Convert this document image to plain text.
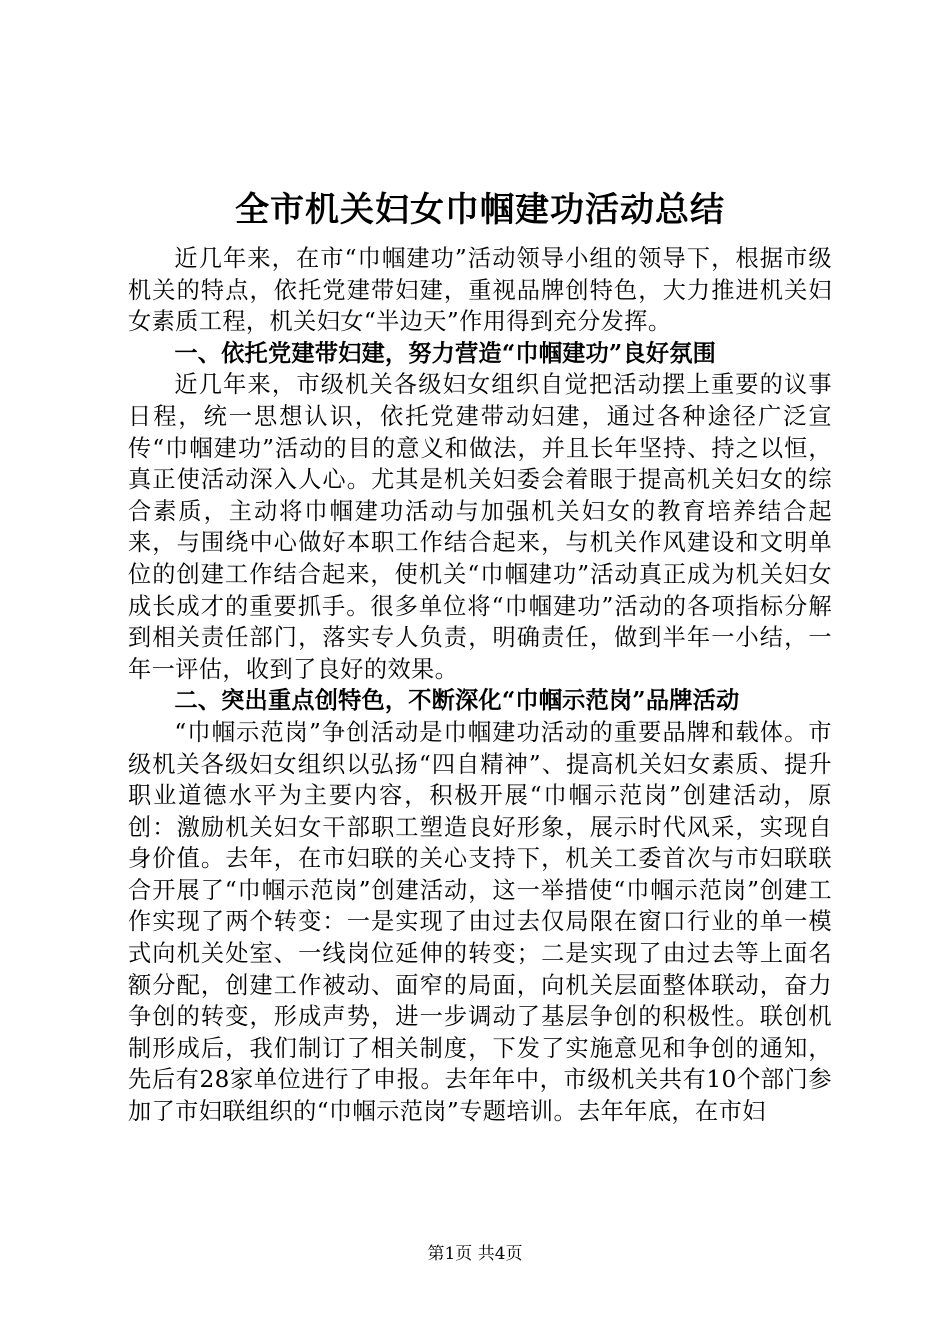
全市机关妇女巾帼建功活动总结

近几年来，在市“巾帼建功”活动领导小组的领导下，根据市级机关的特点，依托党建带妇建，重视品牌创特色，大力推进机关妇女素质工程，机关妇女“半边天”作用得到充分发挥。

一、依托党建带妇建，努力营造“巾帼建功”良好氛围

近几年来，市级机关各级妇女组织自觉把活动摆上重要的议事日程，统一思想认识，依托党建带动妇建，通过各种途径广泛宣传“巾帼建功”活动的目的意义和做法，并且长年坚持、持之以恒，真正使活动深入人心。尤其是机关妇委会着眼于提高机关妇女的综合素质，主动将巾帼建功活动与加强机关妇女的教育培养结合起来，与围绕中心做好本职工作结合起来，与机关作风建设和文明单位的创建工作结合起来，使机关“巾帼建功”活动真正成为机关妇女成长成才的重要抓手。很多单位将“巾帼建功”活动的各项指标分解到相关责任部门，落实专人负责，明确责任，做到半年一小结，一年一评估，收到了良好的效果。

二、突出重点创特色，不断深化“巾帼示范岗”品牌活动

“巾帼示范岗”争创活动是巾帼建功活动的重要品牌和载体。市级机关各级妇女组织以弘扬“四自精神”、提高机关妇女素质、提升职业道德水平为主要内容，积极开展“巾帼示范岗”创建活动，原创：激励机关妇女干部职工塑造良好形象，展示时代风采，实现自身价值。去年，在市妇联的关心支持下，机关工委首次与市妇联联合开展了“巾帼示范岗”创建活动，这一举措使“巾帼示范岗”创建工作实现了两个转变：一是实现了由过去仅局限在窗口行业的单一模式向机关处室、一线岗位延伸的转变；二是实现了由过去等上面名额分配，创建工作被动、面窄的局面，向机关层面整体联动，奋力争创的转变，形成声势，进一步调动了基层争创的积极性。联创机制形成后，我们制订了相关制度，下发了实施意见和争创的通知，先后有28家单位进行了申报。去年年中，市级机关共有10个部门参加了市妇联组织的“巾帼示范岗”专题培训。去年年底，在市妇

第1页 共4页
